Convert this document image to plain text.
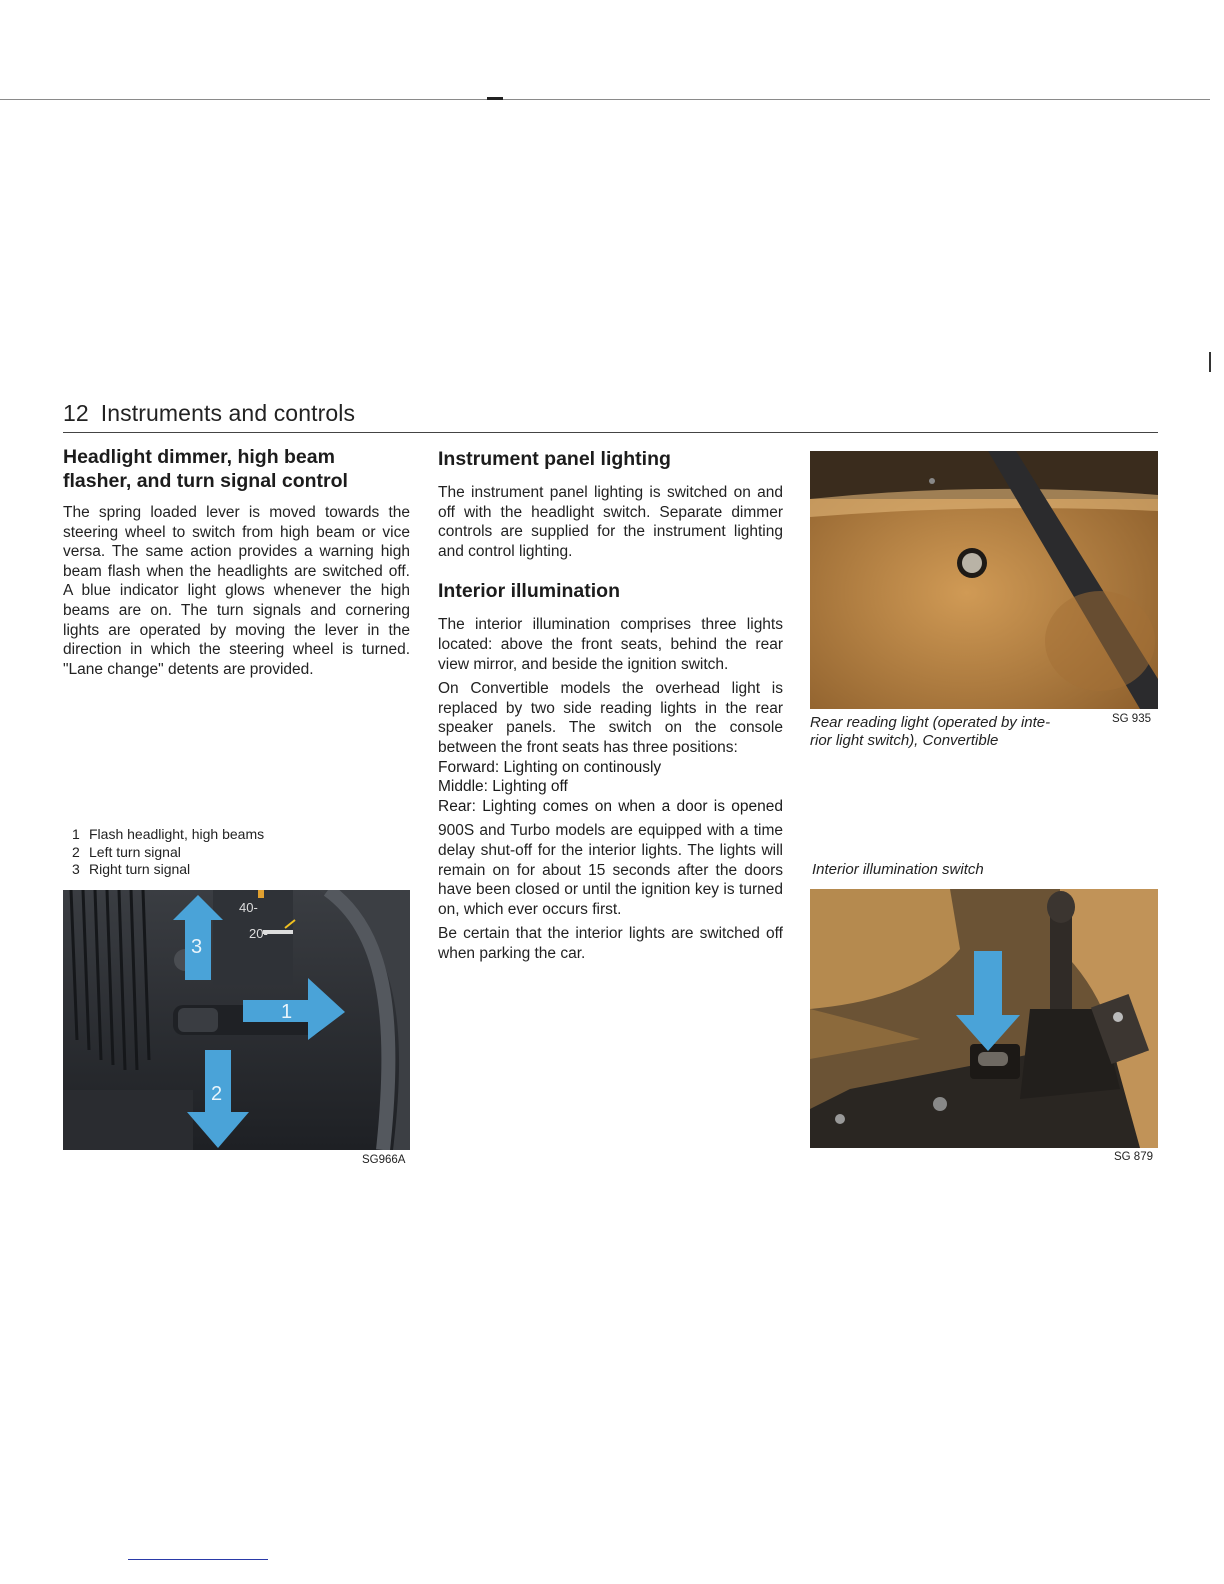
12 Instruments and controls
Headlight dimmer, high beam
flasher, and turn signal control

The spring loaded lever is moved towards the steering wheel to switch from high beam or vice versa. The same action provides a warning high beam flash when the headlights are switched off. A blue indicator light glows whenever the high beams are on. The turn signals and cornering lights are operated by moving the lever in the direction in which the steering wheel is turned. "Lane change" detents are provided.

1 Flash headlight, high beams
2 Left turn signal
3 Right turn signal
40-
20-
3
1
2
SG966A
Instrument panel lighting

The instrument panel lighting is switched on and off with the headlight switch. Separate dimmer controls are supplied for the instrument lighting and control lighting.

Interior illumination

The interior illumination comprises three lights located: above the front seats, behind the rear view mirror, and beside the ignition switch.

On Convertible models the overhead light is replaced by two side reading lights in the rear speaker panels. The switch on the console between the front seats has three positions:

Forward: Lighting on continously
Middle: Lighting off
Rear: Lighting comes on when a door is opened

900S and Turbo models are equipped with a time delay shut-off for the interior lights. The lights will remain on for about 15 seconds after the doors have been closed or until the ignition key is turned on, which ever occurs first.

Be certain that the interior lights are switched off when parking the car.

Rear reading light (operated by inte-
rior light switch), Convertible
SG 935
Interior illumination switch
SG 879
